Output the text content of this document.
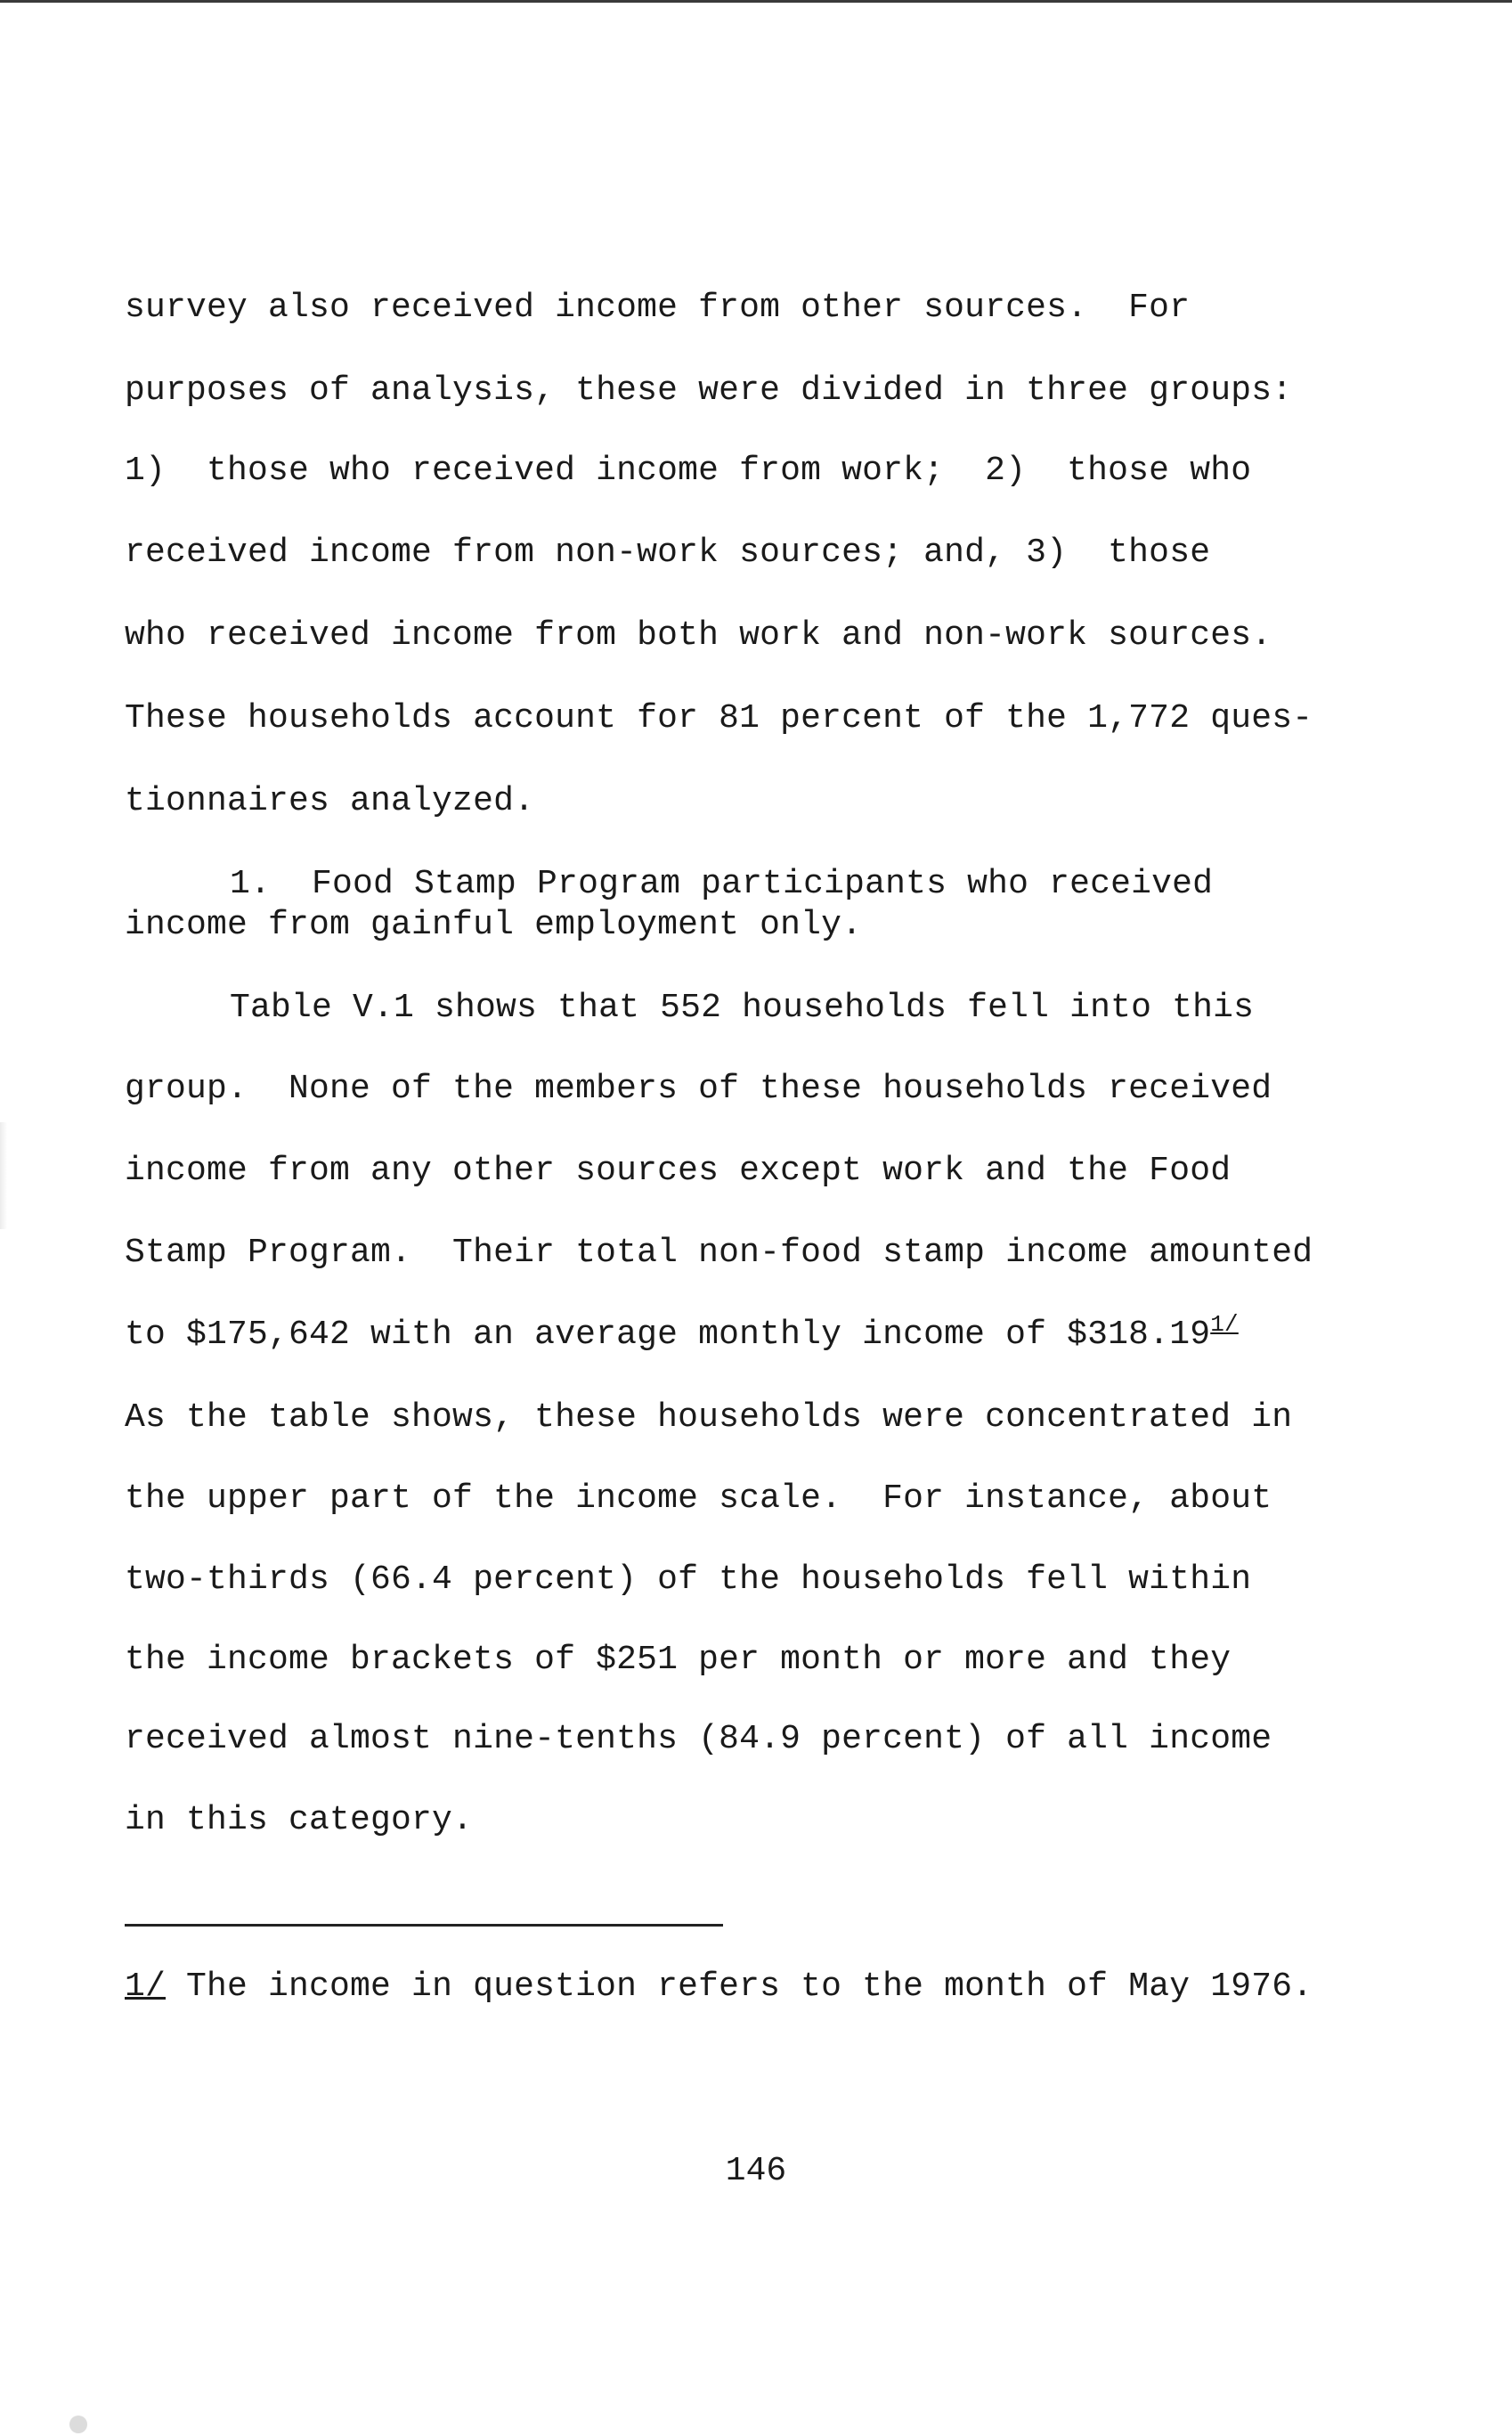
survey also received income from other sources.  For
purposes of analysis, these were divided in three groups:
1)  those who received income from work;  2)  those who
received income from non-work sources; and, 3)  those
who received income from both work and non-work sources.
These households account for 81 percent of the 1,772 ques-
tionnaires analyzed.
1.  Food Stamp Program participants who received
income from gainful employment only.
Table V.1 shows that 552 households fell into this
group.  None of the members of these households received
income from any other sources except work and the Food
Stamp Program.  Their total non-food stamp income amounted
to $175,642 with an average monthly income of $318.19$^{1/}$
As the table shows, these households were concentrated in
the upper part of the income scale.  For instance, about
two-thirds (66.4 percent) of the households fell within
the income brackets of $251 per month or more and they
received almost nine-tenths (84.9 percent) of all income
in this category.
1/ The income in question refers to the month of May 1976.
146
